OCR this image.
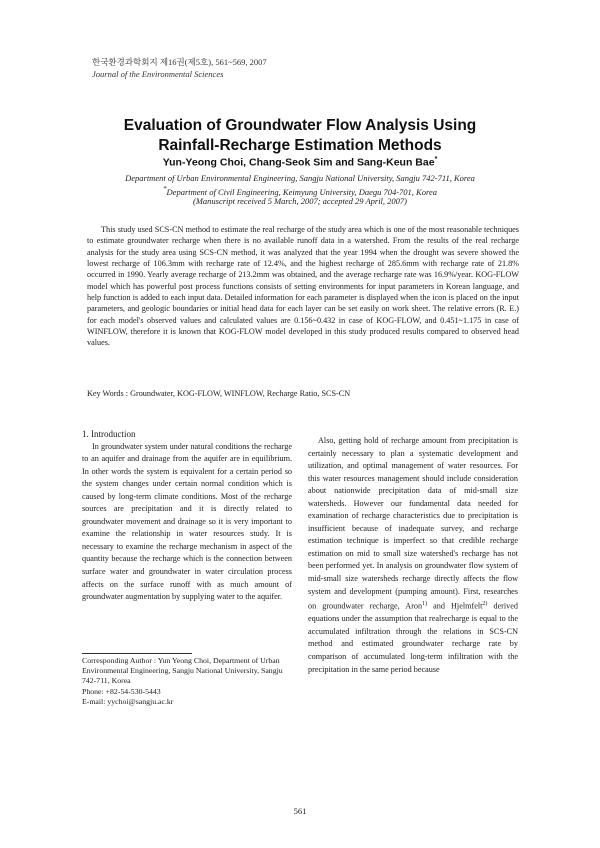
한국환경과학회지 제16권(제5호), 561~569, 2007
Journal of the Environmental Sciences
Evaluation of Groundwater Flow Analysis Using
Rainfall-Recharge Estimation Methods
Yun-Yeong Choi, Chang-Seok Sim and Sang-Keun Bae*
Department of Urban Environmental Engineering, Sangju National University, Sangju 742-711, Korea
*Department of Civil Engineering, Keimyung University, Daegu 704-701, Korea
(Manuscript received 5 March, 2007; accepted 29 April, 2007)

This study used SCS-CN method to estimate the real recharge of the study area which is one of the most reasonable techniques to estimate groundwater recharge when there is no available runoff data in a watershed. From the results of the real recharge analysis for the study area using SCS-CN method, it was analyzed that the year 1994 when the drought was severe showed the lowest recharge of 106.3mm with recharge rate of 12.4%, and the highest recharge of 285.6mm with recharge rate of 21.8% occurred in 1990. Yearly average recharge of 213.2mm was obtained, and the average recharge rate was 16.9%/year. KOG-FLOW model which has powerful post process functions consists of setting environments for input parameters in Korean language, and help function is added to each input data. Detailed information for each parameter is displayed when the icon is placed on the input parameters, and geologic boundaries or initial head data for each layer can be set easily on work sheet. The relative errors (R. E.) for each model's observed values and calculated values are 0.156~0.432 in case of KOG-FLOW, and 0.451~1.175 in case of WINFLOW, therefore it is known that KOG-FLOW model developed in this study produced results compared to observed head values.

Key Words : Groundwater, KOG-FLOW, WINFLOW, Recharge Ratio, SCS-CN

1. Introduction

In groundwater system under natural conditions the recharge to an aquifer and drainage from the aquifer are in equilibrium. In other words the system is equivalent for a certain period so the system changes under certain normal condition which is caused by long-term climate conditions. Most of the recharge sources are precipitation and it is directly related to groundwater movement and drainage so it is very important to examine the relationship in water resources study. It is necessary to examine the recharge mechanism in aspect of the quantity because the recharge which is the connection between surface water and groundwater in water circulation process affects on the surface runoff with as much amount of groundwater augmentation by supplying water to the aquifer.

Also, getting hold of recharge amount from precipitation is certainly necessary to plan a systematic development and utilization, and optimal management of water resources. For this water resources management should include consideration about nationwide precipitation data of mid-small size watersheds. However our fundamental data needed for examination of recharge characteristics due to precipitation is insufficient because of inadequate survey, and recharge estimation technique is imperfect so that credible recharge estimation on mid to small size watershed's recharge has not been performed yet. In analysis on groundwater flow system of mid-small size watersheds recharge directly affects the flow system and development (pumping amount). First, researches on groundwater recharge, Aron$^{1)}$ and Hjelmfelt$^{2)}$ derived equations under the assumption that realrecharge is equal to the accumulated infiltration through the relations in SCS-CN method and estimated groundwater recharge rate by comparison of accumulated long-term infiltration with the precipitation in the same period because

Corresponding Author : Yun Yeong Choi, Department of Urban Environmental Engineering, Sangju National University, Sangju 742-711, Korea
Phone: +82-54-530-5443
E-mail: yychoi@sangju.ac.kr
561
